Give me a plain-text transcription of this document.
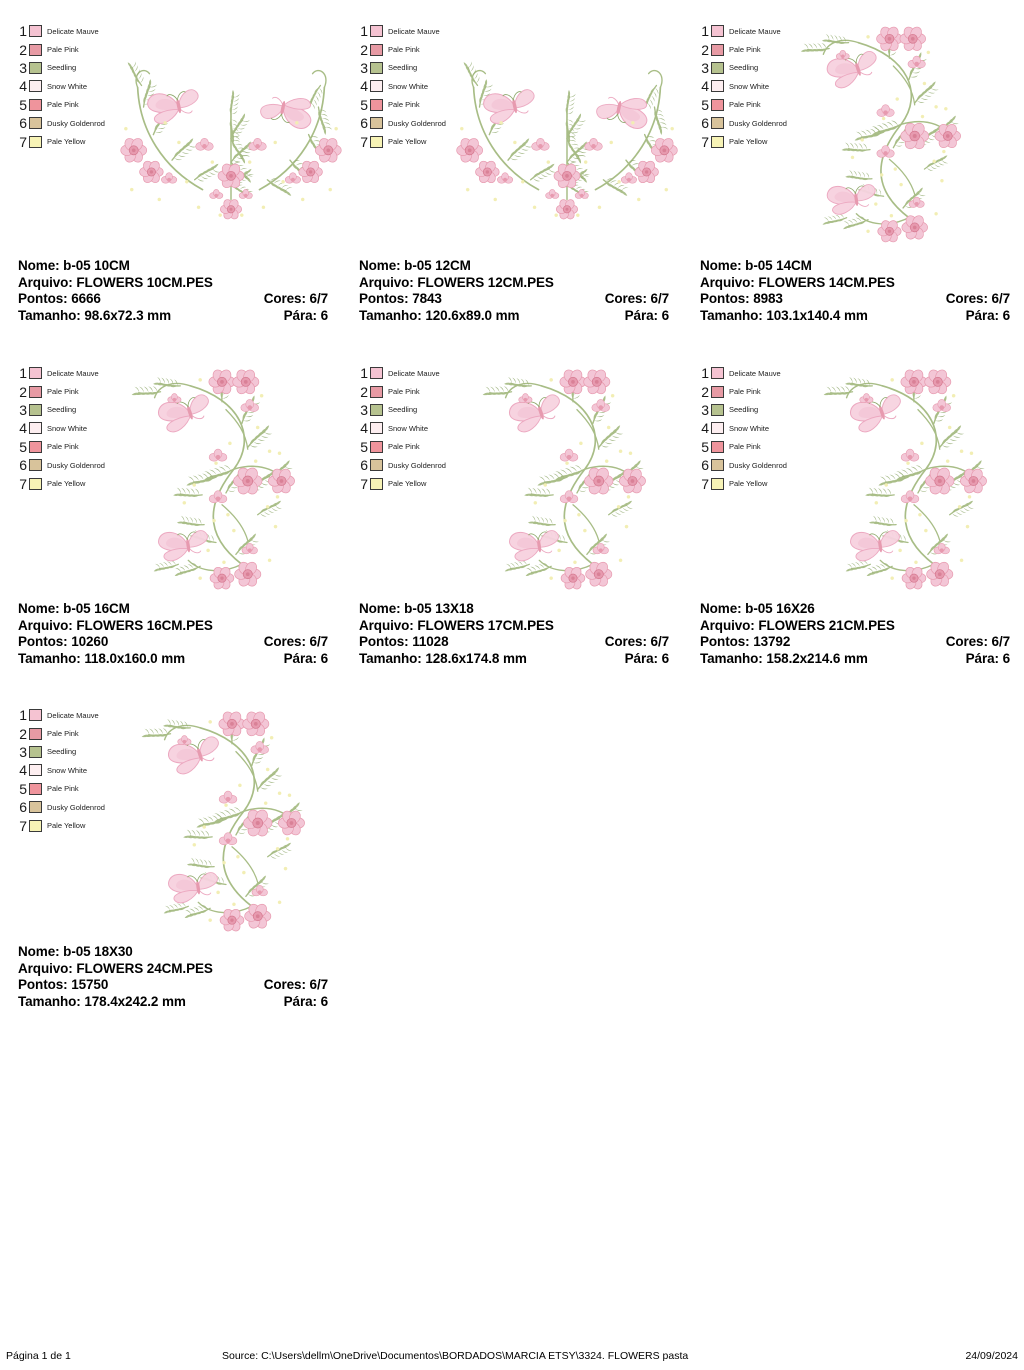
1	Delicate Mauve
2	Pale Pink
3	Seedling
4	Snow White
5	Pale Pink
6	Dusky Goldenrod
7	Pale Yellow
Nome: b-05 10CM
Arquivo: FLOWERS 10CM.PES
Pontos: 6666	Cores: 6/7
Tamanho: 98.6x72.3 mm	Pára: 6
1	Delicate Mauve
2	Pale Pink
3	Seedling
4	Snow White
5	Pale Pink
6	Dusky Goldenrod
7	Pale Yellow
Nome: b-05 12CM
Arquivo: FLOWERS 12CM.PES
Pontos: 7843	Cores: 6/7
Tamanho: 120.6x89.0 mm	Pára: 6
1	Delicate Mauve
2	Pale Pink
3	Seedling
4	Snow White
5	Pale Pink
6	Dusky Goldenrod
7	Pale Yellow
Nome: b-05 14CM
Arquivo: FLOWERS 14CM.PES
Pontos: 8983	Cores: 6/7
Tamanho: 103.1x140.4 mm	Pára: 6
1	Delicate Mauve
2	Pale Pink
3	Seedling
4	Snow White
5	Pale Pink
6	Dusky Goldenrod
7	Pale Yellow
Nome: b-05 16CM
Arquivo: FLOWERS 16CM.PES
Pontos: 10260	Cores: 6/7
Tamanho: 118.0x160.0 mm	Pára: 6
1	Delicate Mauve
2	Pale Pink
3	Seedling
4	Snow White
5	Pale Pink
6	Dusky Goldenrod
7	Pale Yellow
Nome: b-05 13X18
Arquivo: FLOWERS 17CM.PES
Pontos: 11028	Cores: 6/7
Tamanho: 128.6x174.8 mm	Pára: 6
1	Delicate Mauve
2	Pale Pink
3	Seedling
4	Snow White
5	Pale Pink
6	Dusky Goldenrod
7	Pale Yellow
Nome: b-05 16X26
Arquivo: FLOWERS 21CM.PES
Pontos: 13792	Cores: 6/7
Tamanho: 158.2x214.6 mm	Pára: 6
1	Delicate Mauve
2	Pale Pink
3	Seedling
4	Snow White
5	Pale Pink
6	Dusky Goldenrod
7	Pale Yellow
Nome: b-05 18X30
Arquivo: FLOWERS 24CM.PES
Pontos: 15750	Cores: 6/7
Tamanho: 178.4x242.2 mm	Pára: 6
Página 1 de 1	Source: C:\Users\dellm\OneDrive\Documentos\BORDADOS\MARCIA ETSY\3324. FLOWERS pasta	24/09/2024
